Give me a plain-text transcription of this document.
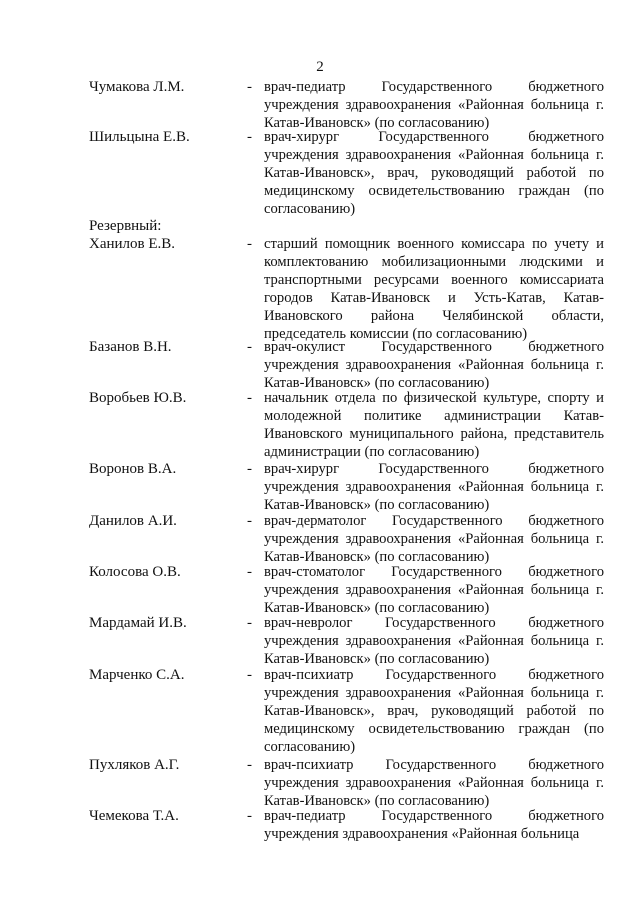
2
Чумакова Л.М.	- врач-педиатр Государственного бюджетного учреждения здравоохранения «Районная больница г. Катав-Ивановск» (по согласованию)
Шильцына Е.В.	- врач-хирург Государственного бюджетного учреждения здравоохранения «Районная больница г. Катав-Ивановск», врач, руководящий работой по медицинскому освидетельствованию граждан (по согласованию)
Резервный:
Ханилов Е.В.	- старший помощник военного комиссара по учету и комплектованию мобилизационными людскими и транспортными ресурсами военного комиссариата городов Катав-Ивановск и Усть-Катав, Катав-Ивановского района Челябинской области, председатель комиссии (по согласованию)
Базанов В.Н.	- врач-окулист Государственного бюджетного учреждения здравоохранения «Районная больница г. Катав-Ивановск» (по согласованию)
Воробьев Ю.В.	- начальник отдела по физической культуре, спорту и молодежной политике администрации Катав-Ивановского муниципального района, представитель администрации (по согласованию)
Воронов В.А.	- врач-хирург Государственного бюджетного учреждения здравоохранения «Районная больница г. Катав-Ивановск» (по согласованию)
Данилов А.И.	- врач-дерматолог Государственного бюджетного учреждения здравоохранения «Районная больница г. Катав-Ивановск» (по согласованию)
Колосова О.В.	- врач-стоматолог Государственного бюджетного учреждения здравоохранения «Районная больница г. Катав-Ивановск» (по согласованию)
Мардамай И.В.	- врач-невролог Государственного бюджетного учреждения здравоохранения «Районная больница г. Катав-Ивановск» (по согласованию)
Марченко С.А.	- врач-психиатр Государственного бюджетного учреждения здравоохранения «Районная больница г. Катав-Ивановск», врач, руководящий работой по медицинскому освидетельствованию граждан (по согласованию)
Пухляков А.Г.	- врач-психиатр Государственного бюджетного учреждения здравоохранения «Районная больница г. Катав-Ивановск» (по согласованию)
Чемекова Т.А.	- врач-педиатр Государственного бюджетного учреждения здравоохранения «Районная больница
